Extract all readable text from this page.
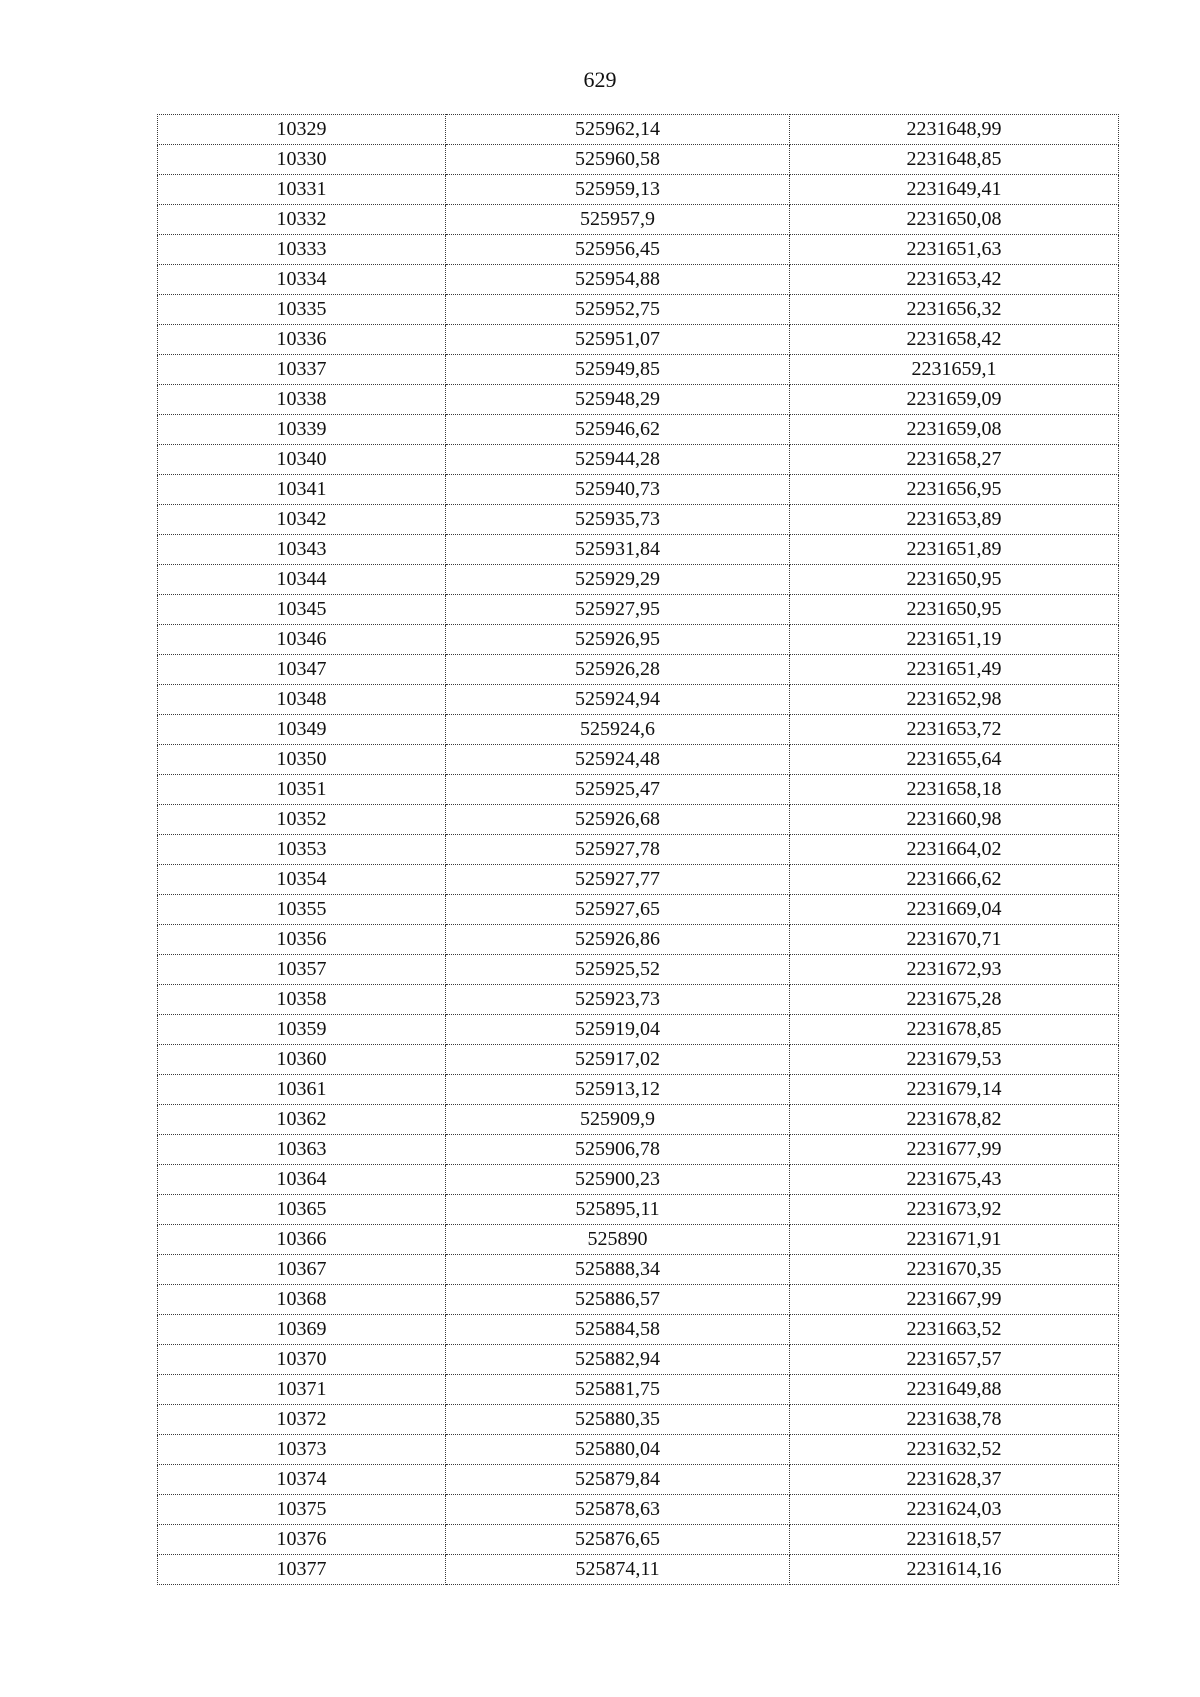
629
10329	525962,14	2231648,99
10330	525960,58	2231648,85
10331	525959,13	2231649,41
10332	525957,9	2231650,08
10333	525956,45	2231651,63
10334	525954,88	2231653,42
10335	525952,75	2231656,32
10336	525951,07	2231658,42
10337	525949,85	2231659,1
10338	525948,29	2231659,09
10339	525946,62	2231659,08
10340	525944,28	2231658,27
10341	525940,73	2231656,95
10342	525935,73	2231653,89
10343	525931,84	2231651,89
10344	525929,29	2231650,95
10345	525927,95	2231650,95
10346	525926,95	2231651,19
10347	525926,28	2231651,49
10348	525924,94	2231652,98
10349	525924,6	2231653,72
10350	525924,48	2231655,64
10351	525925,47	2231658,18
10352	525926,68	2231660,98
10353	525927,78	2231664,02
10354	525927,77	2231666,62
10355	525927,65	2231669,04
10356	525926,86	2231670,71
10357	525925,52	2231672,93
10358	525923,73	2231675,28
10359	525919,04	2231678,85
10360	525917,02	2231679,53
10361	525913,12	2231679,14
10362	525909,9	2231678,82
10363	525906,78	2231677,99
10364	525900,23	2231675,43
10365	525895,11	2231673,92
10366	525890	2231671,91
10367	525888,34	2231670,35
10368	525886,57	2231667,99
10369	525884,58	2231663,52
10370	525882,94	2231657,57
10371	525881,75	2231649,88
10372	525880,35	2231638,78
10373	525880,04	2231632,52
10374	525879,84	2231628,37
10375	525878,63	2231624,03
10376	525876,65	2231618,57
10377	525874,11	2231614,16
